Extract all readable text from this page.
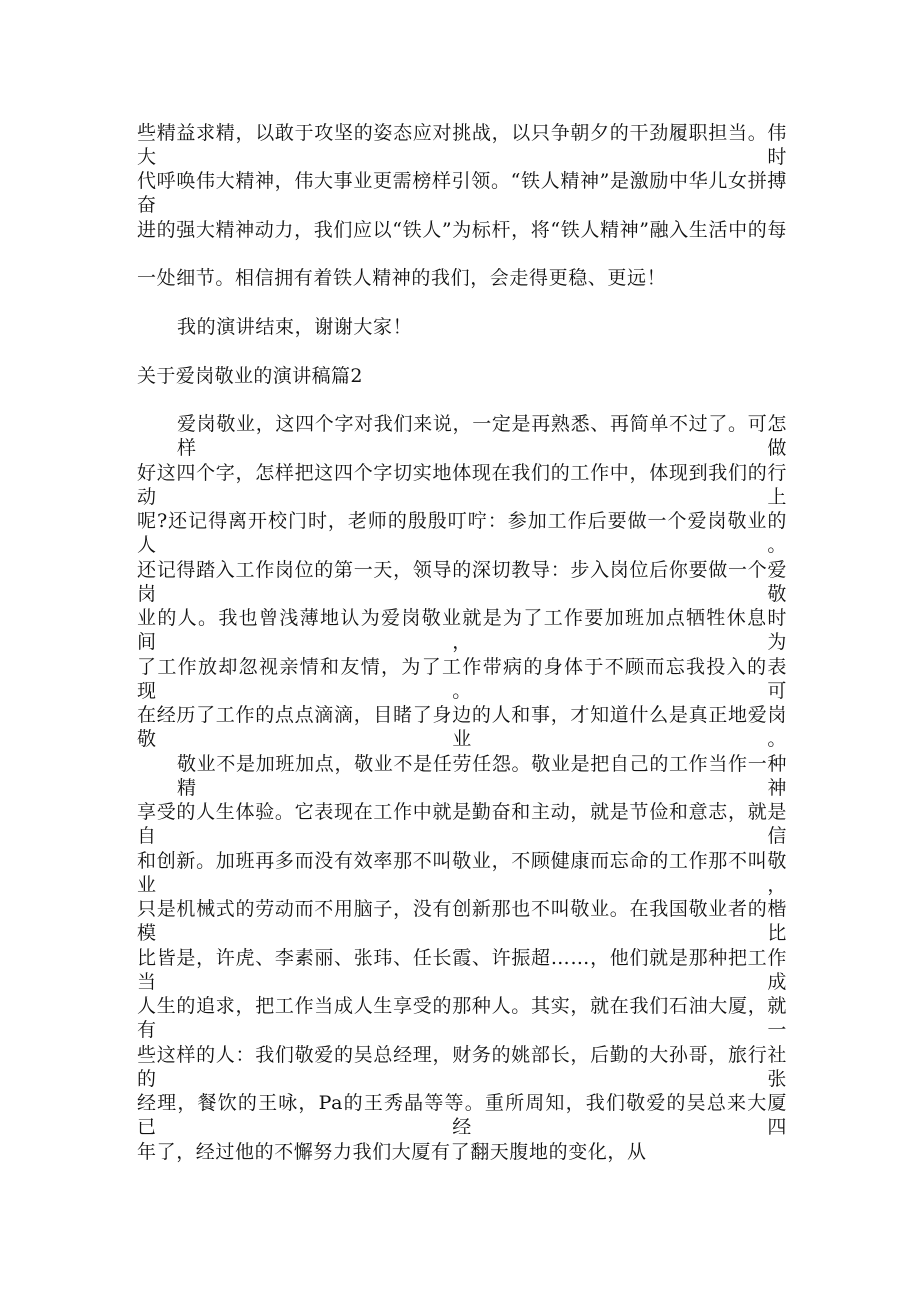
些精益求精，以敢于攻坚的姿态应对挑战，以只争朝夕的干劲履职担当。伟大时
代呼唤伟大精神，伟大事业更需榜样引领。“铁人精神”是激励中华儿女拼搏奋
进的强大精神动力，我们应以“铁人”为标杆，将“铁人精神”融入生活中的每
一处细节。相信拥有着铁人精神的我们，会走得更稳、更远！
我的演讲结束，谢谢大家！
关于爱岗敬业的演讲稿篇2
爱岗敬业，这四个字对我们来说，一定是再熟悉、再简单不过了。可怎样做
好这四个字，怎样把这四个字切实地体现在我们的工作中，体现到我们的行动上
呢?还记得离开校门时，老师的殷殷叮咛：参加工作后要做一个爱岗敬业的人。
还记得踏入工作岗位的第一天，领导的深切教导：步入岗位后你要做一个爱岗敬
业的人。我也曾浅薄地认为爱岗敬业就是为了工作要加班加点牺牲休息时间，为
了工作放却忽视亲情和友情，为了工作带病的身体于不顾而忘我投入的表现。可
在经历了工作的点点滴滴，目睹了身边的人和事，才知道什么是真正地爱岗敬业。
敬业不是加班加点，敬业不是任劳任怨。敬业是把自己的工作当作一种精神
享受的人生体验。它表现在工作中就是勤奋和主动，就是节俭和意志，就是自信
和创新。加班再多而没有效率那不叫敬业，不顾健康而忘命的工作那不叫敬业，
只是机械式的劳动而不用脑子，没有创新那也不叫敬业。在我国敬业者的楷模比
比皆是，许虎、李素丽、张玮、任长霞、许振超……，他们就是那种把工作当成
人生的追求，把工作当成人生享受的那种人。其实，就在我们石油大厦，就有一
些这样的人：我们敬爱的吴总经理，财务的姚部长，后勤的大孙哥，旅行社的张
经理，餐饮的王咏，Pa的王秀晶等等。重所周知，我们敬爱的吴总来大厦已经四
年了，经过他的不懈努力我们大厦有了翻天腹地的变化，从
